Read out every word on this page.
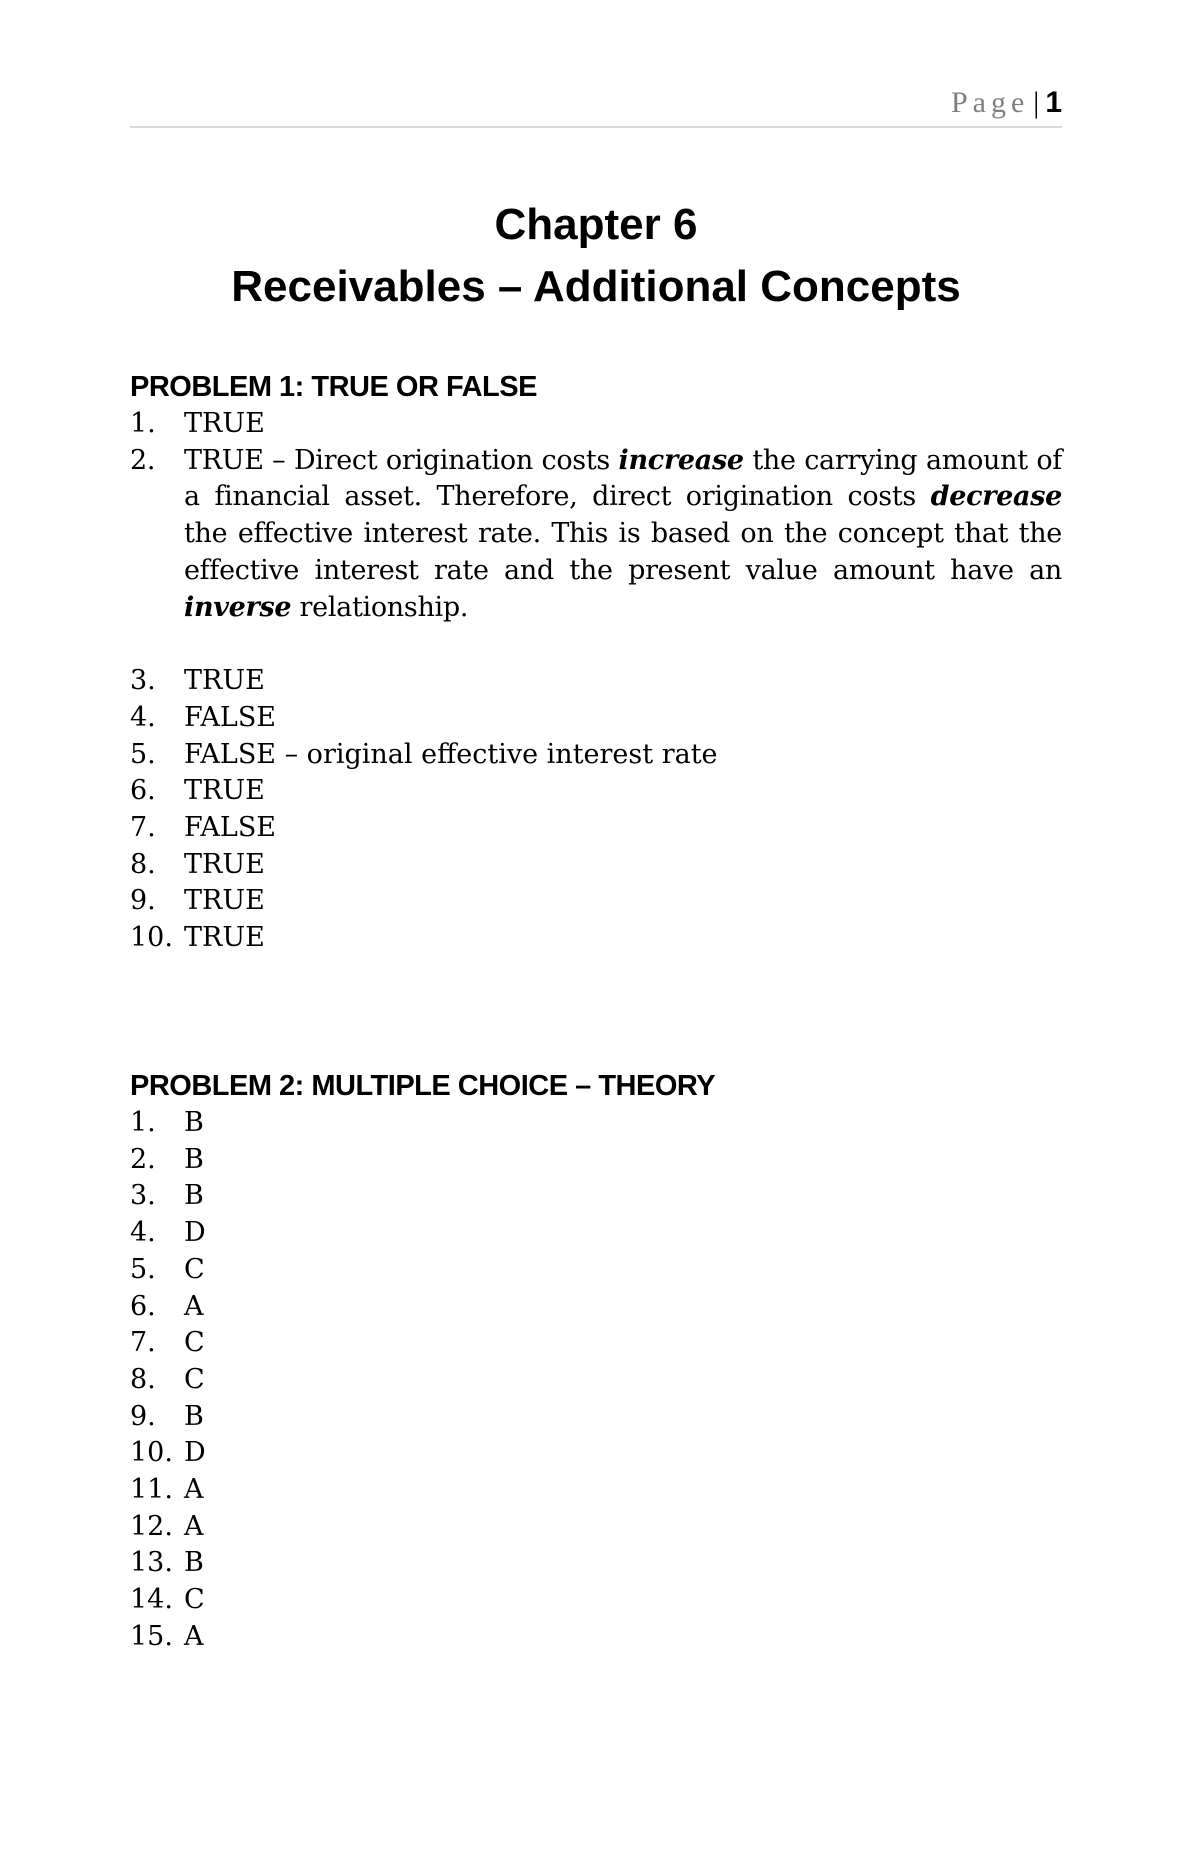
Page | 1
Chapter 6
Receivables – Additional Concepts
PROBLEM 1: TRUE OR FALSE
1. TRUE
2. TRUE – Direct origination costs increase the carrying amount of a financial asset. Therefore, direct origination costs decrease the effective interest rate. This is based on the concept that the effective interest rate and the present value amount have an inverse relationship.
3. TRUE
4. FALSE
5. FALSE – original effective interest rate
6. TRUE
7. FALSE
8. TRUE
9. TRUE
10. TRUE
PROBLEM 2: MULTIPLE CHOICE – THEORY
1. B
2. B
3. B
4. D
5. C
6. A
7. C
8. C
9. B
10. D
11. A
12. A
13. B
14. C
15. A
